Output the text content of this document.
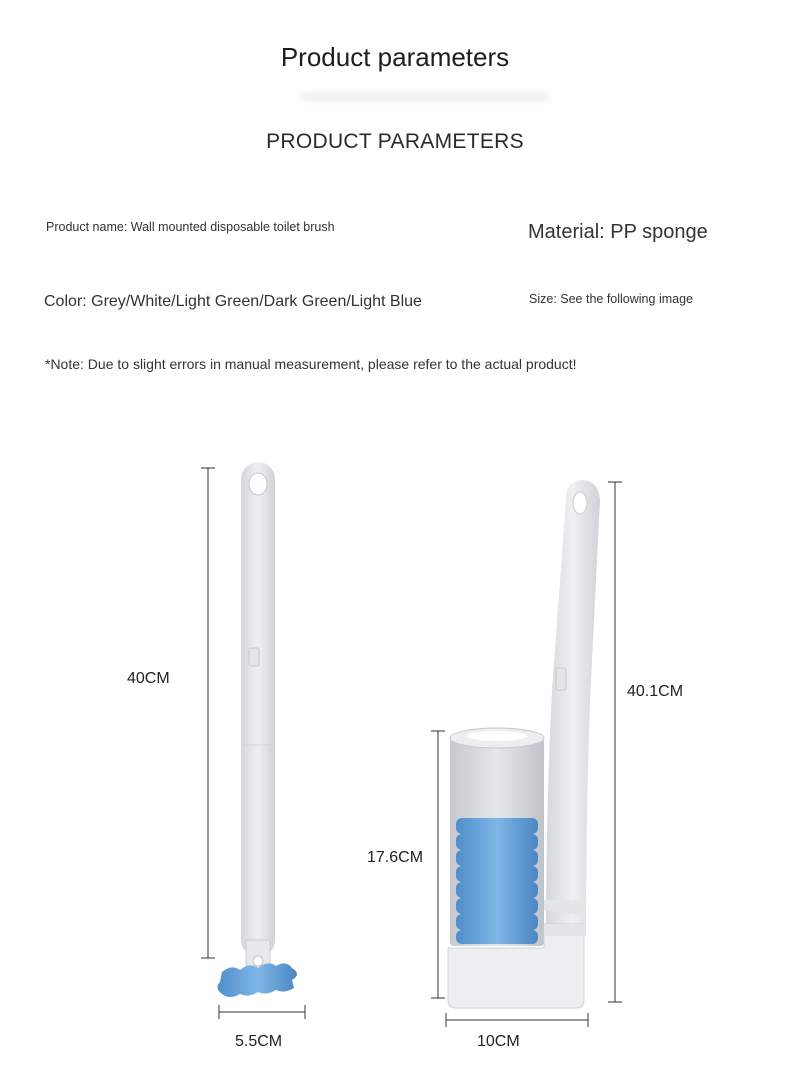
Product parameters
PRODUCT PARAMETERS
Product name: Wall mounted disposable toilet brush	Material: PP sponge
Color: Grey/White/Light Green/Dark Green/Light Blue	Size: See the following image
*Note: Due to slight errors in manual measurement, please refer to the actual product!
40CM
5.5CM
40.1CM
17.6CM
10CM
